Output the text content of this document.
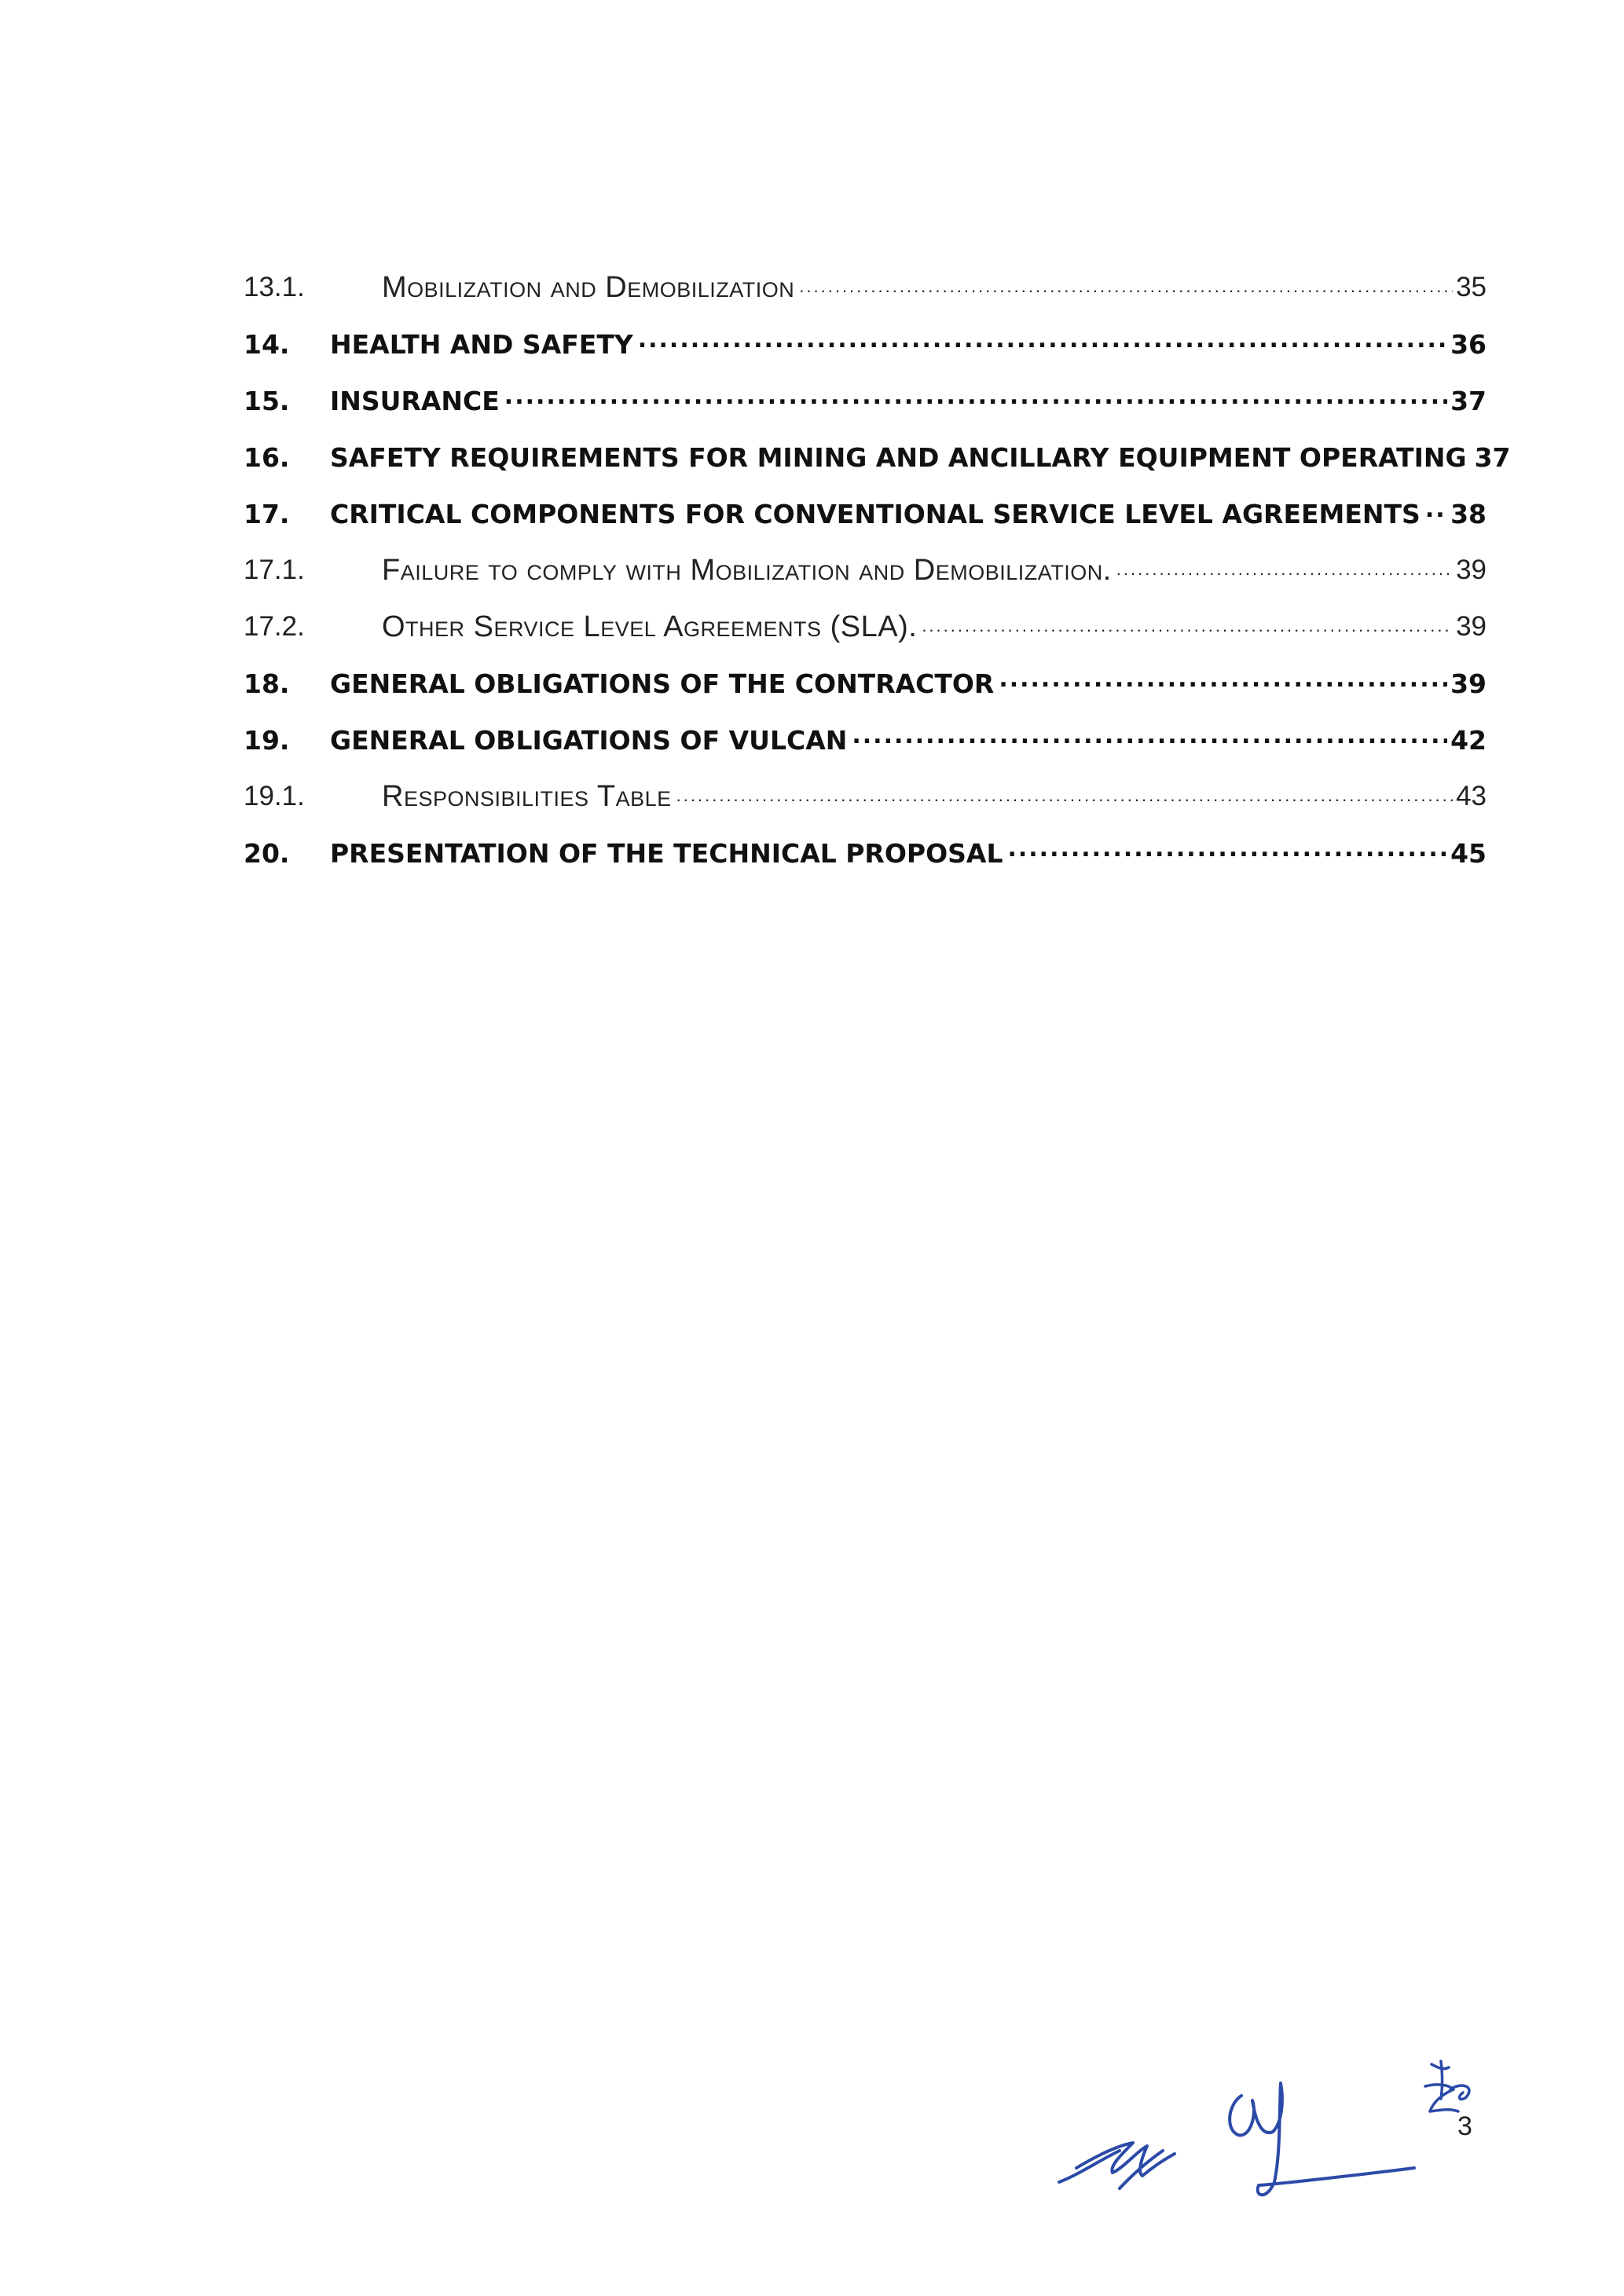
13.1.	Mobilization and Demobilization .....	35
14.	HEALTH AND SAFETY .....	36
15.	INSURANCE .....	37
16.	SAFETY REQUIREMENTS FOR MINING AND ANCILLARY EQUIPMENT OPERATING 37
17.	CRITICAL COMPONENTS FOR CONVENTIONAL SERVICE LEVEL AGREEMENTS ..... 38
17.1.	Failure to comply with Mobilization and Demobilization. .....	39
17.2.	Other Service Level Agreements (SLA). .....	39
18.	GENERAL OBLIGATIONS OF THE CONTRACTOR .....	39
19.	GENERAL OBLIGATIONS OF VULCAN .....	42
19.1.	Responsibilities Table .....	43
20.	PRESENTATION OF THE TECHNICAL PROPOSAL .....	45
3
